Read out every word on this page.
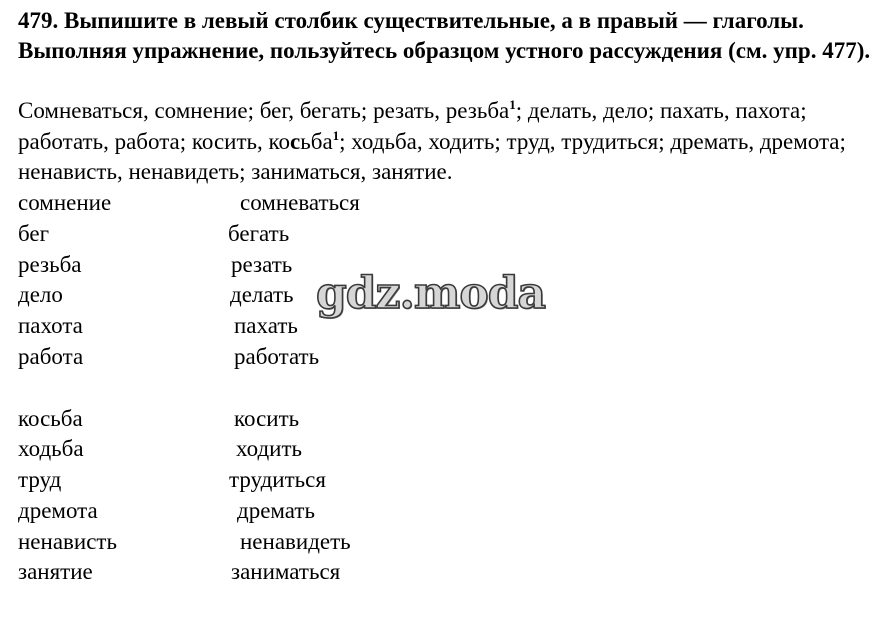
479. Выпишите в левый столбик существительные, а в правый — глаголы. Выполняя упражнение, пользуйтесь образцом устного рассуждения (см. упр. 477).

Сомневаться, сомнение; бег, бегать; резать, резьба$^1$; делать, дело; пахать, пахота; работать, работа; косить, косьба$^1$; ходьба, ходить; труд, трудиться; дремать, дремота; ненависть, ненавидеть; заниматься, занятие.

сомнение	сомневаться
бег	бегать
резьба	резать
дело	делать
пахота	пахать
работа	работать
косьба	косить
ходьба	ходить
труд	трудиться
дремота	дремать
ненависть	ненавидеть
занятие	заниматься
gdz.moda
